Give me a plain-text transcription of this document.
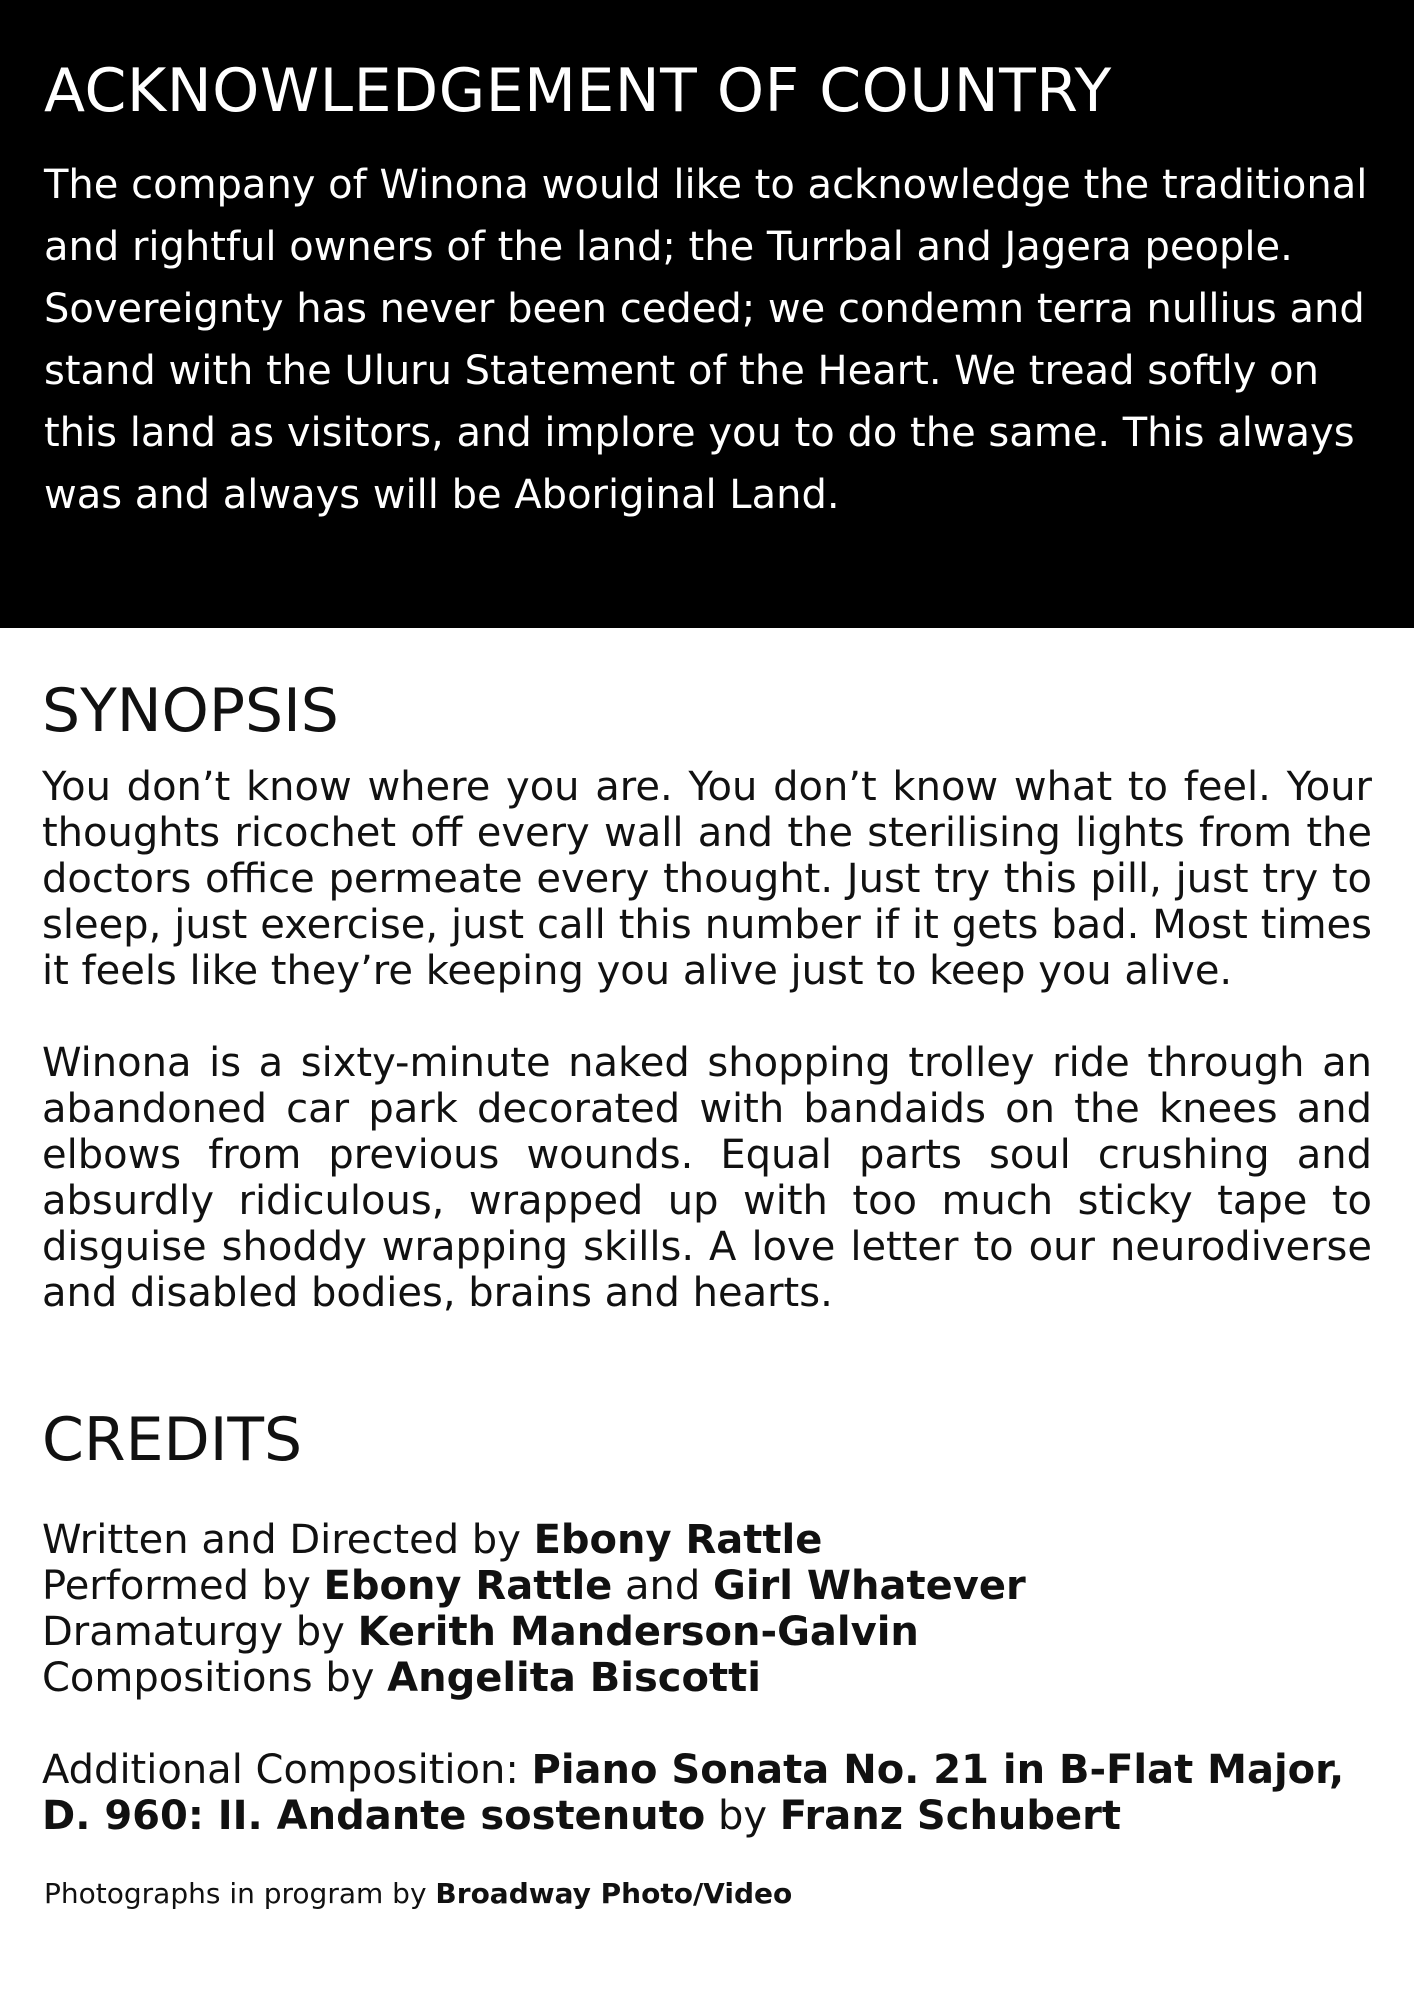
ACKNOWLEDGEMENT OF COUNTRY

The company of Winona would like to acknowledge the traditional and rightful owners of the land; the Turrbal and Jagera people. Sovereignty has never been ceded; we condemn terra nullius and stand with the Uluru Statement of the Heart. We tread softly on this land as visitors, and implore you to do the same. This always was and always will be Aboriginal Land.

SYNOPSIS

You don’t know where you are. You don’t know what to feel. Your thoughts ricochet off every wall and the sterilising lights from the doctors office permeate every thought. Just try this pill, just try to sleep, just exercise, just call this number if it gets bad. Most times it feels like they’re keeping you alive just to keep you alive.

Winona is a sixty-minute naked shopping trolley ride through an abandoned car park decorated with bandaids on the knees and elbows from previous wounds. Equal parts soul crushing and absurdly ridiculous, wrapped up with too much sticky tape to disguise shoddy wrapping skills. A love letter to our neurodiverse and disabled bodies, brains and hearts.

CREDITS
Written and Directed by Ebony Rattle
Performed by Ebony Rattle and Girl Whatever
Dramaturgy by Kerith Manderson-Galvin
Compositions by Angelita Biscotti
Additional Composition: Piano Sonata No. 21 in B-Flat Major, D. 960: II. Andante sostenuto by Franz Schubert
Photographs in program by Broadway Photo/Video
